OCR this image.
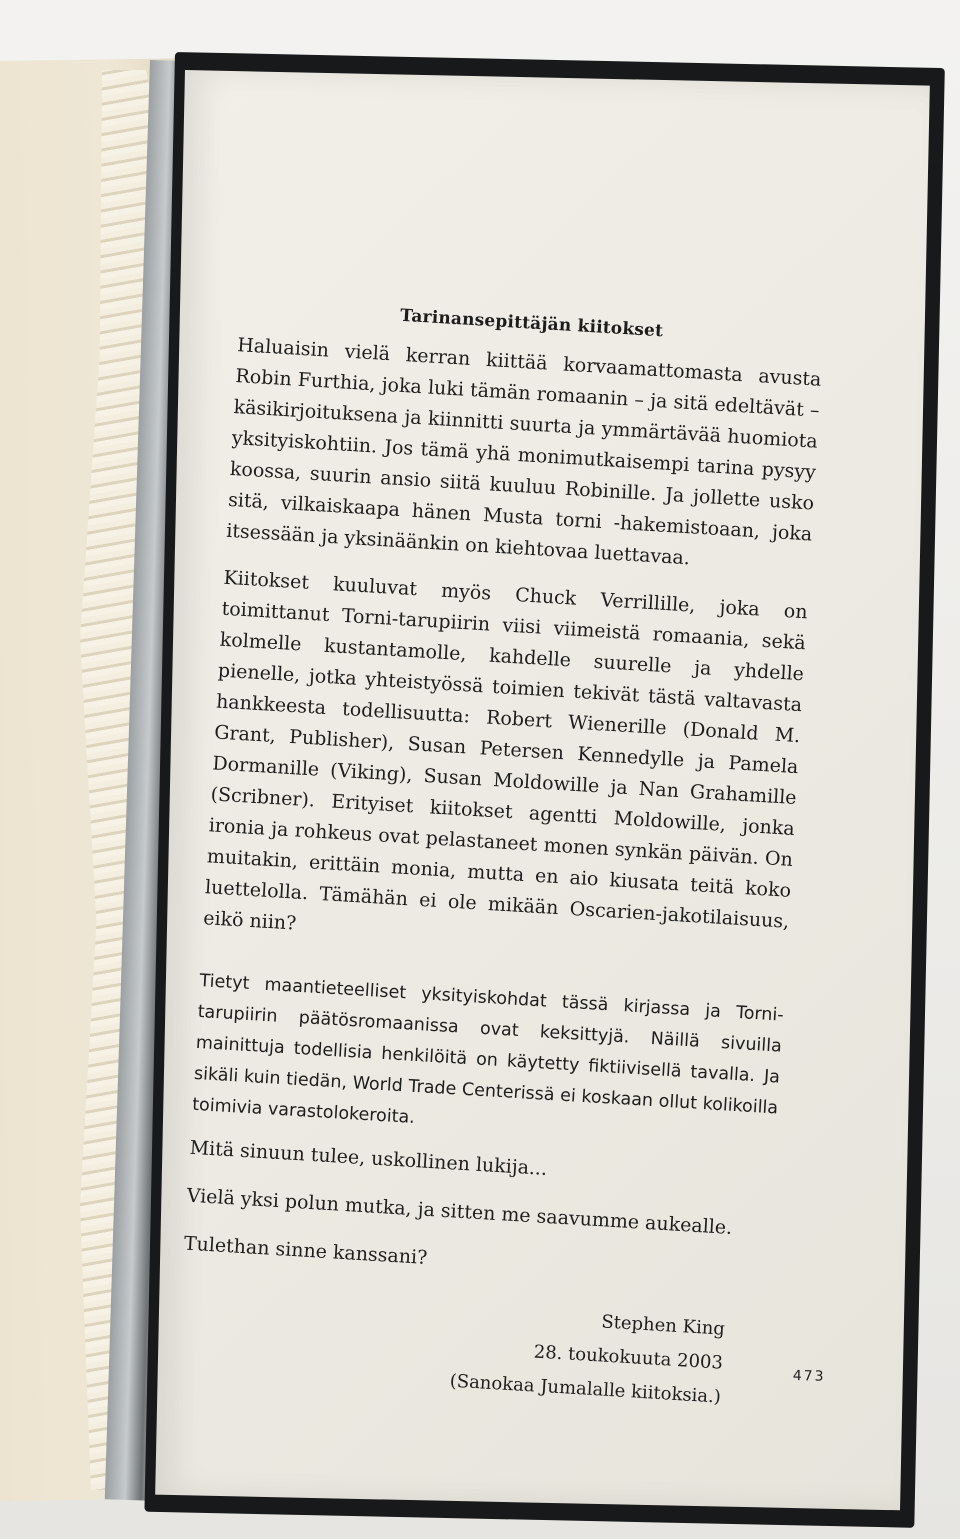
Tarinansepittäjän kiitokset

Haluaisin vielä kerran kiittää korvaamattomasta avusta Robin Furthia, joka luki tämän romaanin – ja sitä edeltävät – käsikirjoituksena ja kiinnitti suurta ja ymmärtävää huomiota yksityiskohtiin. Jos tämä yhä monimutkaisempi tarina pysyy koossa, suurin ansio siitä kuuluu Robinille. Ja jollette usko sitä, vilkaiskaapa hänen Musta torni -hakemistoaan, joka itsessään ja yksinäänkin on kiehtovaa luettavaa.

Kiitokset kuuluvat myös Chuck Verrillille, joka on toimittanut Torni-tarupiirin viisi viimeistä romaania, sekä kolmelle kustantamolle, kahdelle suurelle ja yhdelle pienelle, jotka yhteistyössä toimien tekivät tästä valtavasta hankkeesta todellisuutta: Robert Wienerille (Donald M. Grant, Publisher), Susan Petersen Kennedylle ja Pamela Dormanille (Viking), Susan Moldowille ja Nan Grahamille (Scribner). Erityiset kiitokset agentti Moldowille, jonka ironia ja rohkeus ovat pelastaneet monen synkän päivän. On muitakin, erittäin monia, mutta en aio kiusata teitä koko luettelolla. Tämähän ei ole mikään Oscarien-jakotilaisuus, eikö niin?

Tietyt maantieteelliset yksityiskohdat tässä kirjassa ja Torni-tarupiirin päätösromaanissa ovat keksittyjä. Näillä sivuilla mainittuja todellisia henkilöitä on käytetty fiktiivisellä tavalla. Ja sikäli kuin tiedän, World Trade Centerissä ei koskaan ollut kolikoilla toimivia varastolokeroita.

Mitä sinuun tulee, uskollinen lukija...

Vielä yksi polun mutka, ja sitten me saavumme aukealle.

Tulethan sinne kanssani?

Stephen King
28. toukokuuta 2003
(Sanokaa Jumalalle kiitoksia.)	473
